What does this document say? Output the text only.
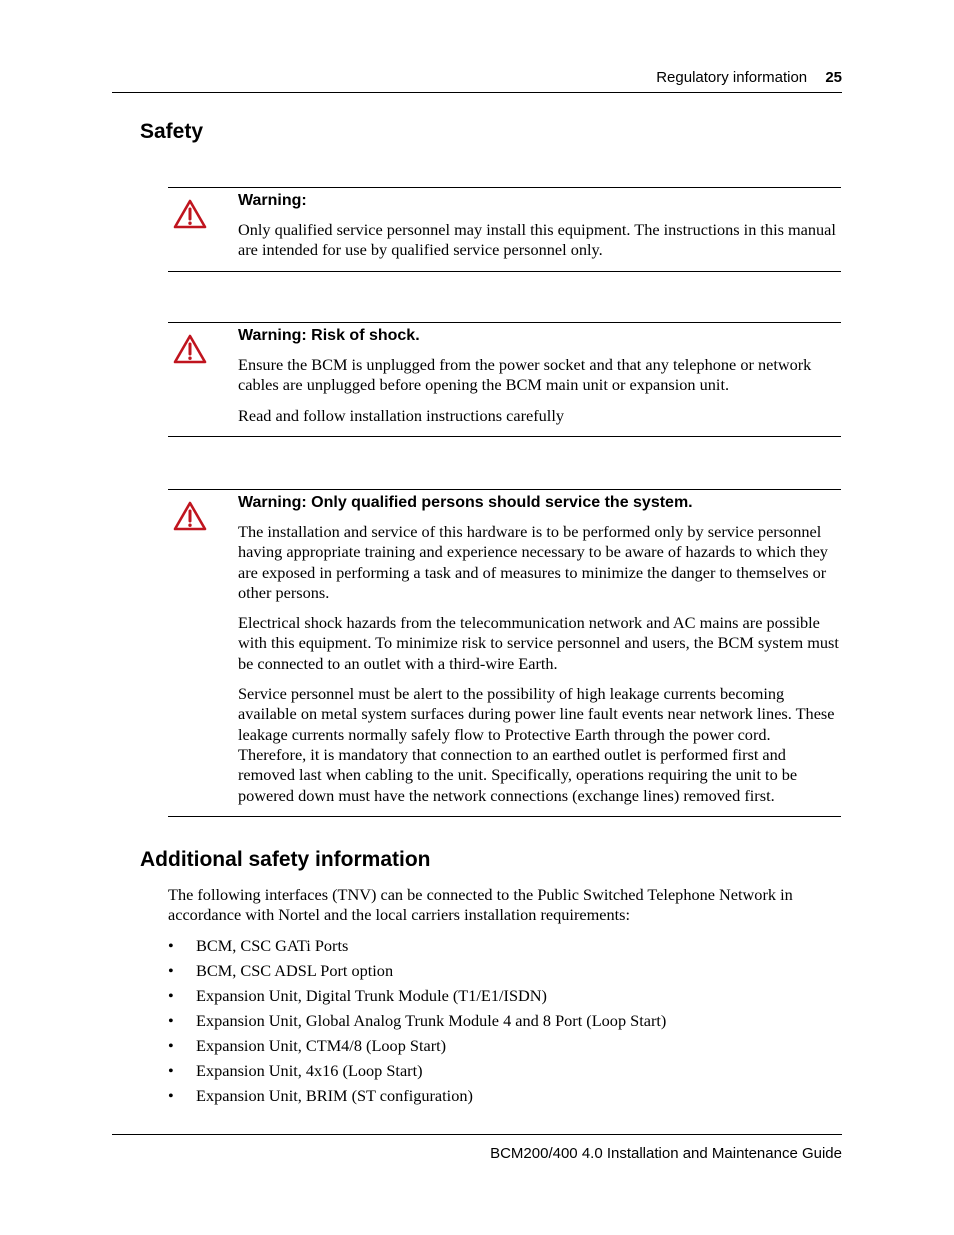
Regulatory information 25
Safety

Warning:

Only qualified service personnel may install this equipment. The instructions in this manual are intended for use by qualified service personnel only.

Warning: Risk of shock.

Ensure the BCM is unplugged from the power socket and that any telephone or network cables are unplugged before opening the BCM main unit or expansion unit.

Read and follow installation instructions carefully

Warning: Only qualified persons should service the system.

The installation and service of this hardware is to be performed only by service personnel having appropriate training and experience necessary to be aware of hazards to which they are exposed in performing a task and of measures to minimize the danger to themselves or other persons.

Electrical shock hazards from the telecommunication network and AC mains are possible with this equipment. To minimize risk to service personnel and users, the BCM system must be connected to an outlet with a third-wire Earth.

Service personnel must be alert to the possibility of high leakage currents becoming available on metal system surfaces during power line fault events near network lines. These leakage currents normally safely flow to Protective Earth through the power cord. Therefore, it is mandatory that connection to an earthed outlet is performed first and removed last when cabling to the unit. Specifically, operations requiring the unit to be powered down must have the network connections (exchange lines) removed first.

Additional safety information

The following interfaces (TNV) can be connected to the Public Switched Telephone Network in accordance with Nortel and the local carriers installation requirements:

• BCM, CSC GATi Ports
• BCM, CSC ADSL Port option
• Expansion Unit, Digital Trunk Module (T1/E1/ISDN)
• Expansion Unit, Global Analog Trunk Module 4 and 8 Port (Loop Start)
• Expansion Unit, CTM4/8 (Loop Start)
• Expansion Unit, 4x16 (Loop Start)
• Expansion Unit, BRIM (ST configuration)
BCM200/400 4.0 Installation and Maintenance Guide
